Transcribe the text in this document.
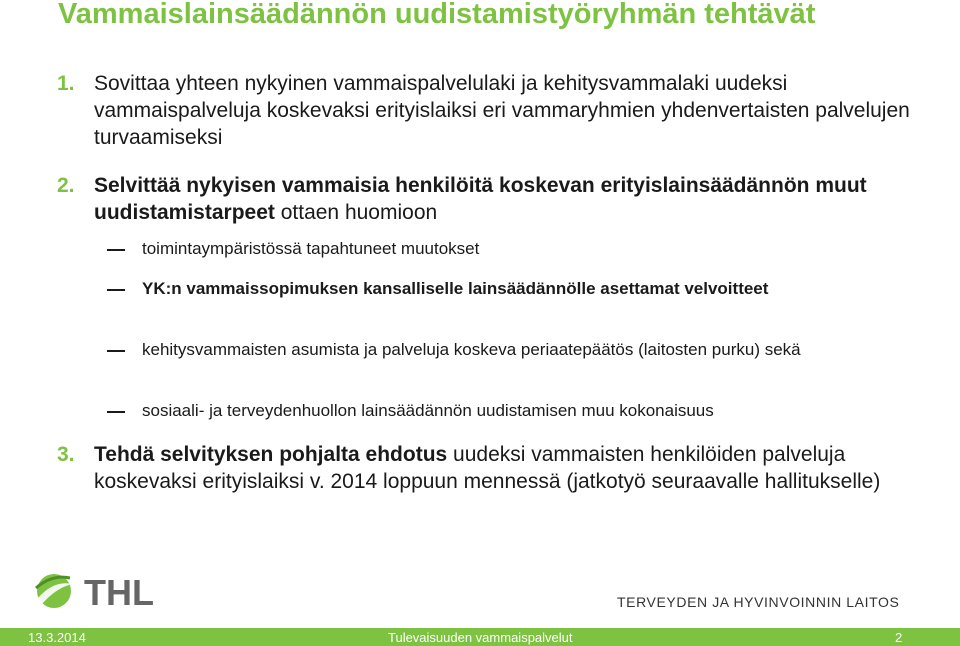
Vammaislainsäädännön uudistamistyöryhmän tehtävät
1. Sovittaa yhteen nykyinen vammaispalvelulaki ja kehitysvammalaki uudeksi vammaispalveluja koskevaksi erityislaiksi eri vammaryhmien yhdenvertaisten palvelujen turvaamiseksi
2. Selvittää nykyisen vammaisia henkilöitä koskevan erityislainsäädännön muut uudistamistarpeet ottaen huomioon
toimintaympäristössä tapahtuneet muutokset
YK:n vammaissopimuksen kansalliselle lainsäädännölle asettamat velvoitteet
kehitysvammaisten asumista ja palveluja koskeva periaatepäätös (laitosten purku) sekä
sosiaali- ja terveydenhuollon lainsäädännön uudistamisen muu kokonaisuus
3. Tehdä selvityksen pohjalta ehdotus uudeksi vammaisten henkilöiden palveluja koskevaksi erityislaiksi v. 2014 loppuun mennessä (jatkotyö seuraavalle hallitukselle)
THL	TERVEYDEN JA HYVINVOINNIN LAITOS
13.3.2014	Tulevaisuuden vammaispalvelut	2
